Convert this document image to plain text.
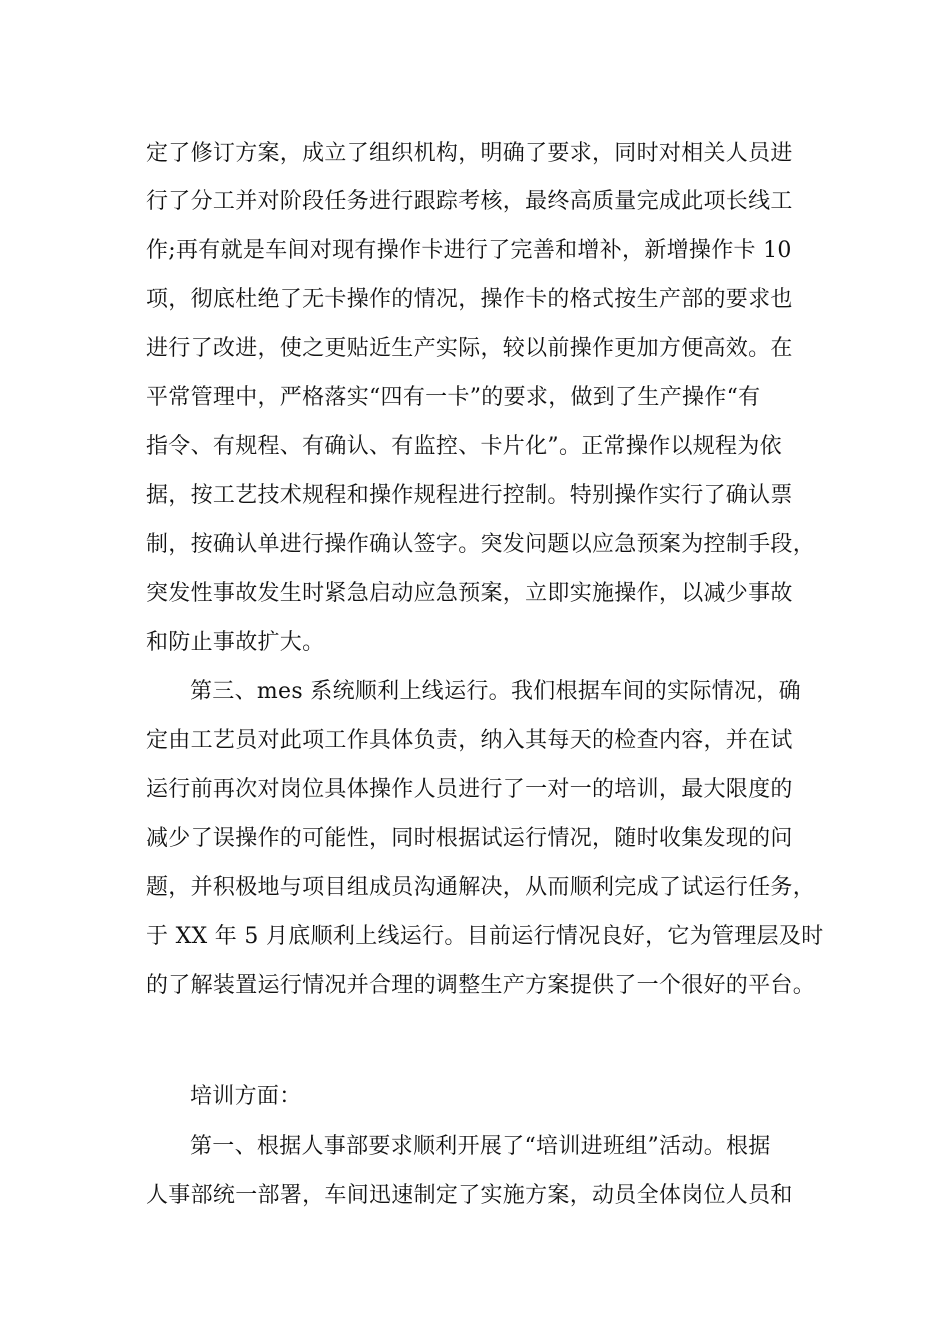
定了修订方案，成立了组织机构，明确了要求，同时对相关人员进
行了分工并对阶段任务进行跟踪考核，最终高质量完成此项长线工
作;再有就是车间对现有操作卡进行了完善和增补，新增操作卡 10
项，彻底杜绝了无卡操作的情况，操作卡的格式按生产部的要求也
进行了改进，使之更贴近生产实际，较以前操作更加方便高效。在
平常管理中，严格落实“四有一卡”的要求，做到了生产操作“有
指令、有规程、有确认、有监控、卡片化”。正常操作以规程为依
据，按工艺技术规程和操作规程进行控制。特别操作实行了确认票
制，按确认单进行操作确认签字。突发问题以应急预案为控制手段，
突发性事故发生时紧急启动应急预案，立即实施操作，以减少事故
和防止事故扩大。
第三、mes 系统顺利上线运行。我们根据车间的实际情况，确
定由工艺员对此项工作具体负责，纳入其每天的检查内容，并在试
运行前再次对岗位具体操作人员进行了一对一的培训，最大限度的
减少了误操作的可能性，同时根据试运行情况，随时收集发现的问
题，并积极地与项目组成员沟通解决，从而顺利完成了试运行任务，
于 XX 年 5 月底顺利上线运行。目前运行情况良好，它为管理层及时
的了解装置运行情况并合理的调整生产方案提供了一个很好的平台。
培训方面：
第一、根据人事部要求顺利开展了“培训进班组”活动。根据
人事部统一部署，车间迅速制定了实施方案，动员全体岗位人员和
